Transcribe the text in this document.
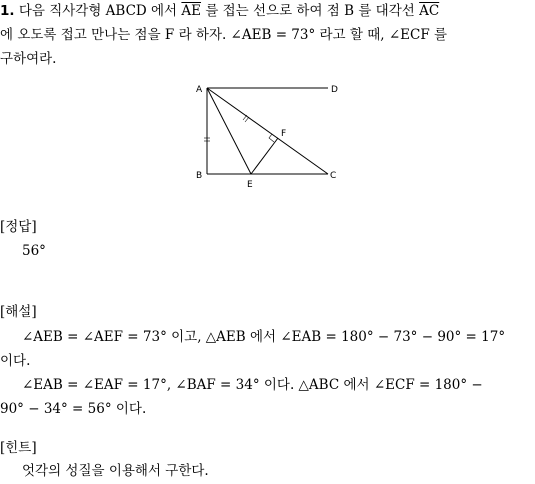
1. 다음 직사각형 ABCD 에서 $\overline{AE}$ 를 접는 선으로 하여 점 B 를 대각선 $\overline{AC}$
에 오도록 접고 만나는 점을 F 라 하자. ∠AEB = 73° 라고 할 때, ∠ECF 를
구하여라.
A	D
B
E
C
F
[정답]
56°
[해설]
∠AEB = ∠AEF = 73° 이고, △AEB 에서 ∠EAB = 180° − 73° − 90° = 17°
이다.
∠EAB = ∠EAF = 17°, ∠BAF = 34° 이다. △ABC 에서 ∠ECF = 180° −
90° − 34° = 56° 이다.
[힌트]
엇각의 성질을 이용해서 구한다.
